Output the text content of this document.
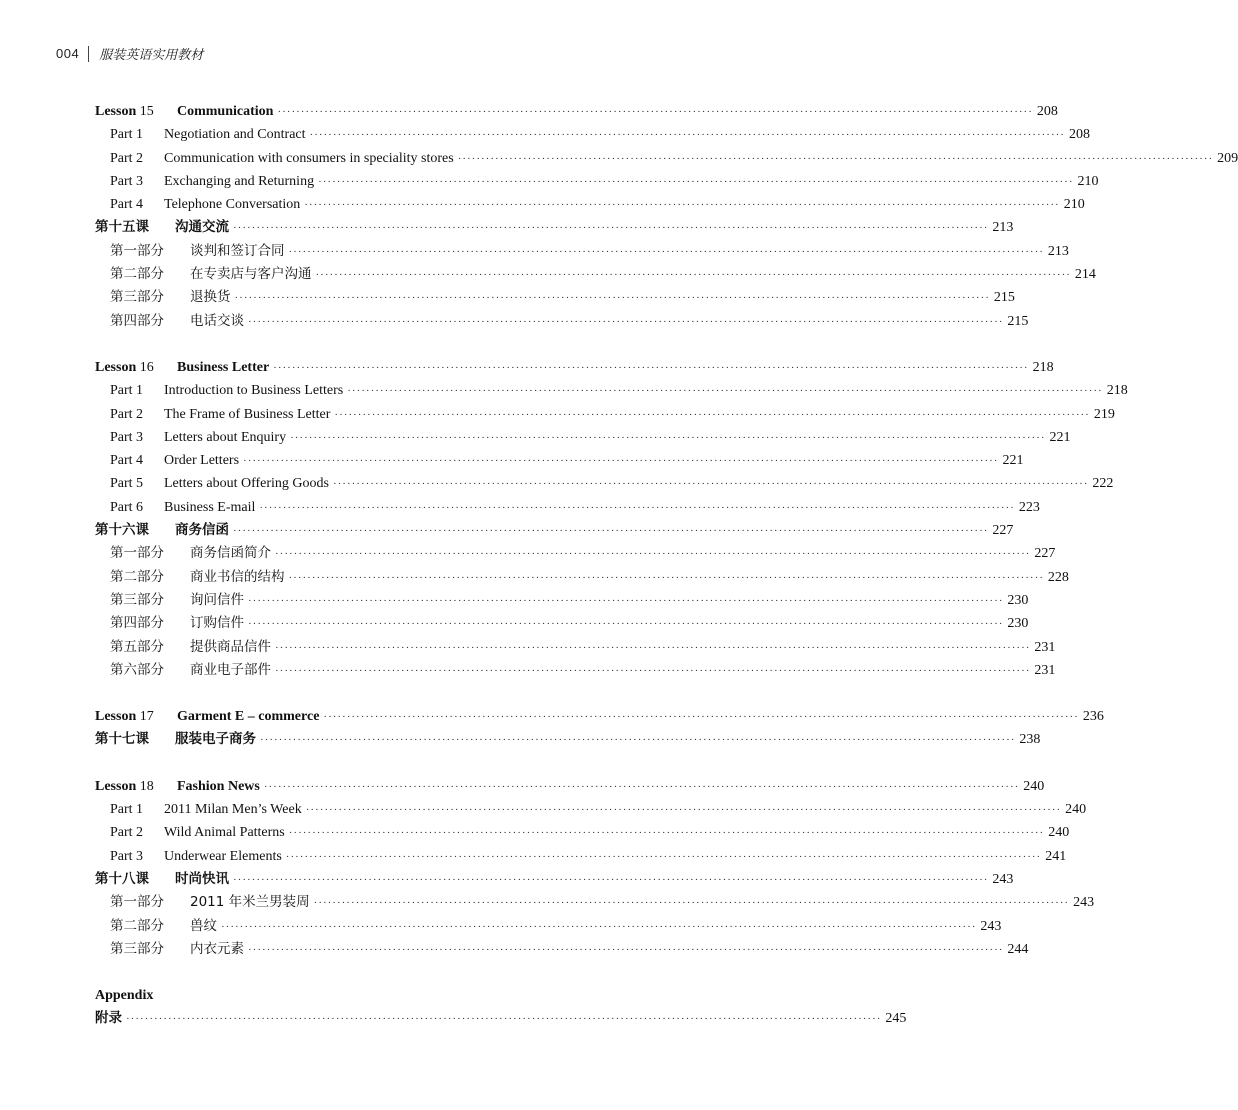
004 服装英语实用教材
Lesson 15 Communication ·································································································································································· 208
Part 1 Negotiation and Contract ·································································································································································· 208
Part 2 Communication with consumers in speciality stores ·································································································································································· 209
Part 3 Exchanging and Returning ·································································································································································· 210
Part 4 Telephone Conversation ·································································································································································· 210
第十五课 沟通交流 ·································································································································································· 213
第一部分 谈判和签订合同 ·································································································································································· 213
第二部分 在专卖店与客户沟通 ·································································································································································· 214
第三部分 退换货 ·································································································································································· 215
第四部分 电话交谈 ·································································································································································· 215
Lesson 16 Business Letter ·································································································································································· 218
Part 1 Introduction to Business Letters ·································································································································································· 218
Part 2 The Frame of Business Letter ·································································································································································· 219
Part 3 Letters about Enquiry ·································································································································································· 221
Part 4 Order Letters ·································································································································································· 221
Part 5 Letters about Offering Goods ·································································································································································· 222
Part 6 Business E-mail ·································································································································································· 223
第十六课 商务信函 ·································································································································································· 227
第一部分 商务信函简介 ·································································································································································· 227
第二部分 商业书信的结构 ·································································································································································· 228
第三部分 询问信件 ·································································································································································· 230
第四部分 订购信件 ·································································································································································· 230
第五部分 提供商品信件 ·································································································································································· 231
第六部分 商业电子部件 ·································································································································································· 231
Lesson 17 Garment E – commerce ·································································································································································· 236
第十七课 服装电子商务 ·································································································································································· 238
Lesson 18 Fashion News ·································································································································································· 240
Part 1 2011 Milan Men’s Week ·································································································································································· 240
Part 2 Wild Animal Patterns ·································································································································································· 240
Part 3 Underwear Elements ·································································································································································· 241
第十八课 时尚快讯 ·································································································································································· 243
第一部分 2011 年米兰男装周 ·································································································································································· 243
第二部分 兽纹 ·································································································································································· 243
第三部分 内衣元素 ·································································································································································· 244
Appendix
附录 ·································································································································································· 245
